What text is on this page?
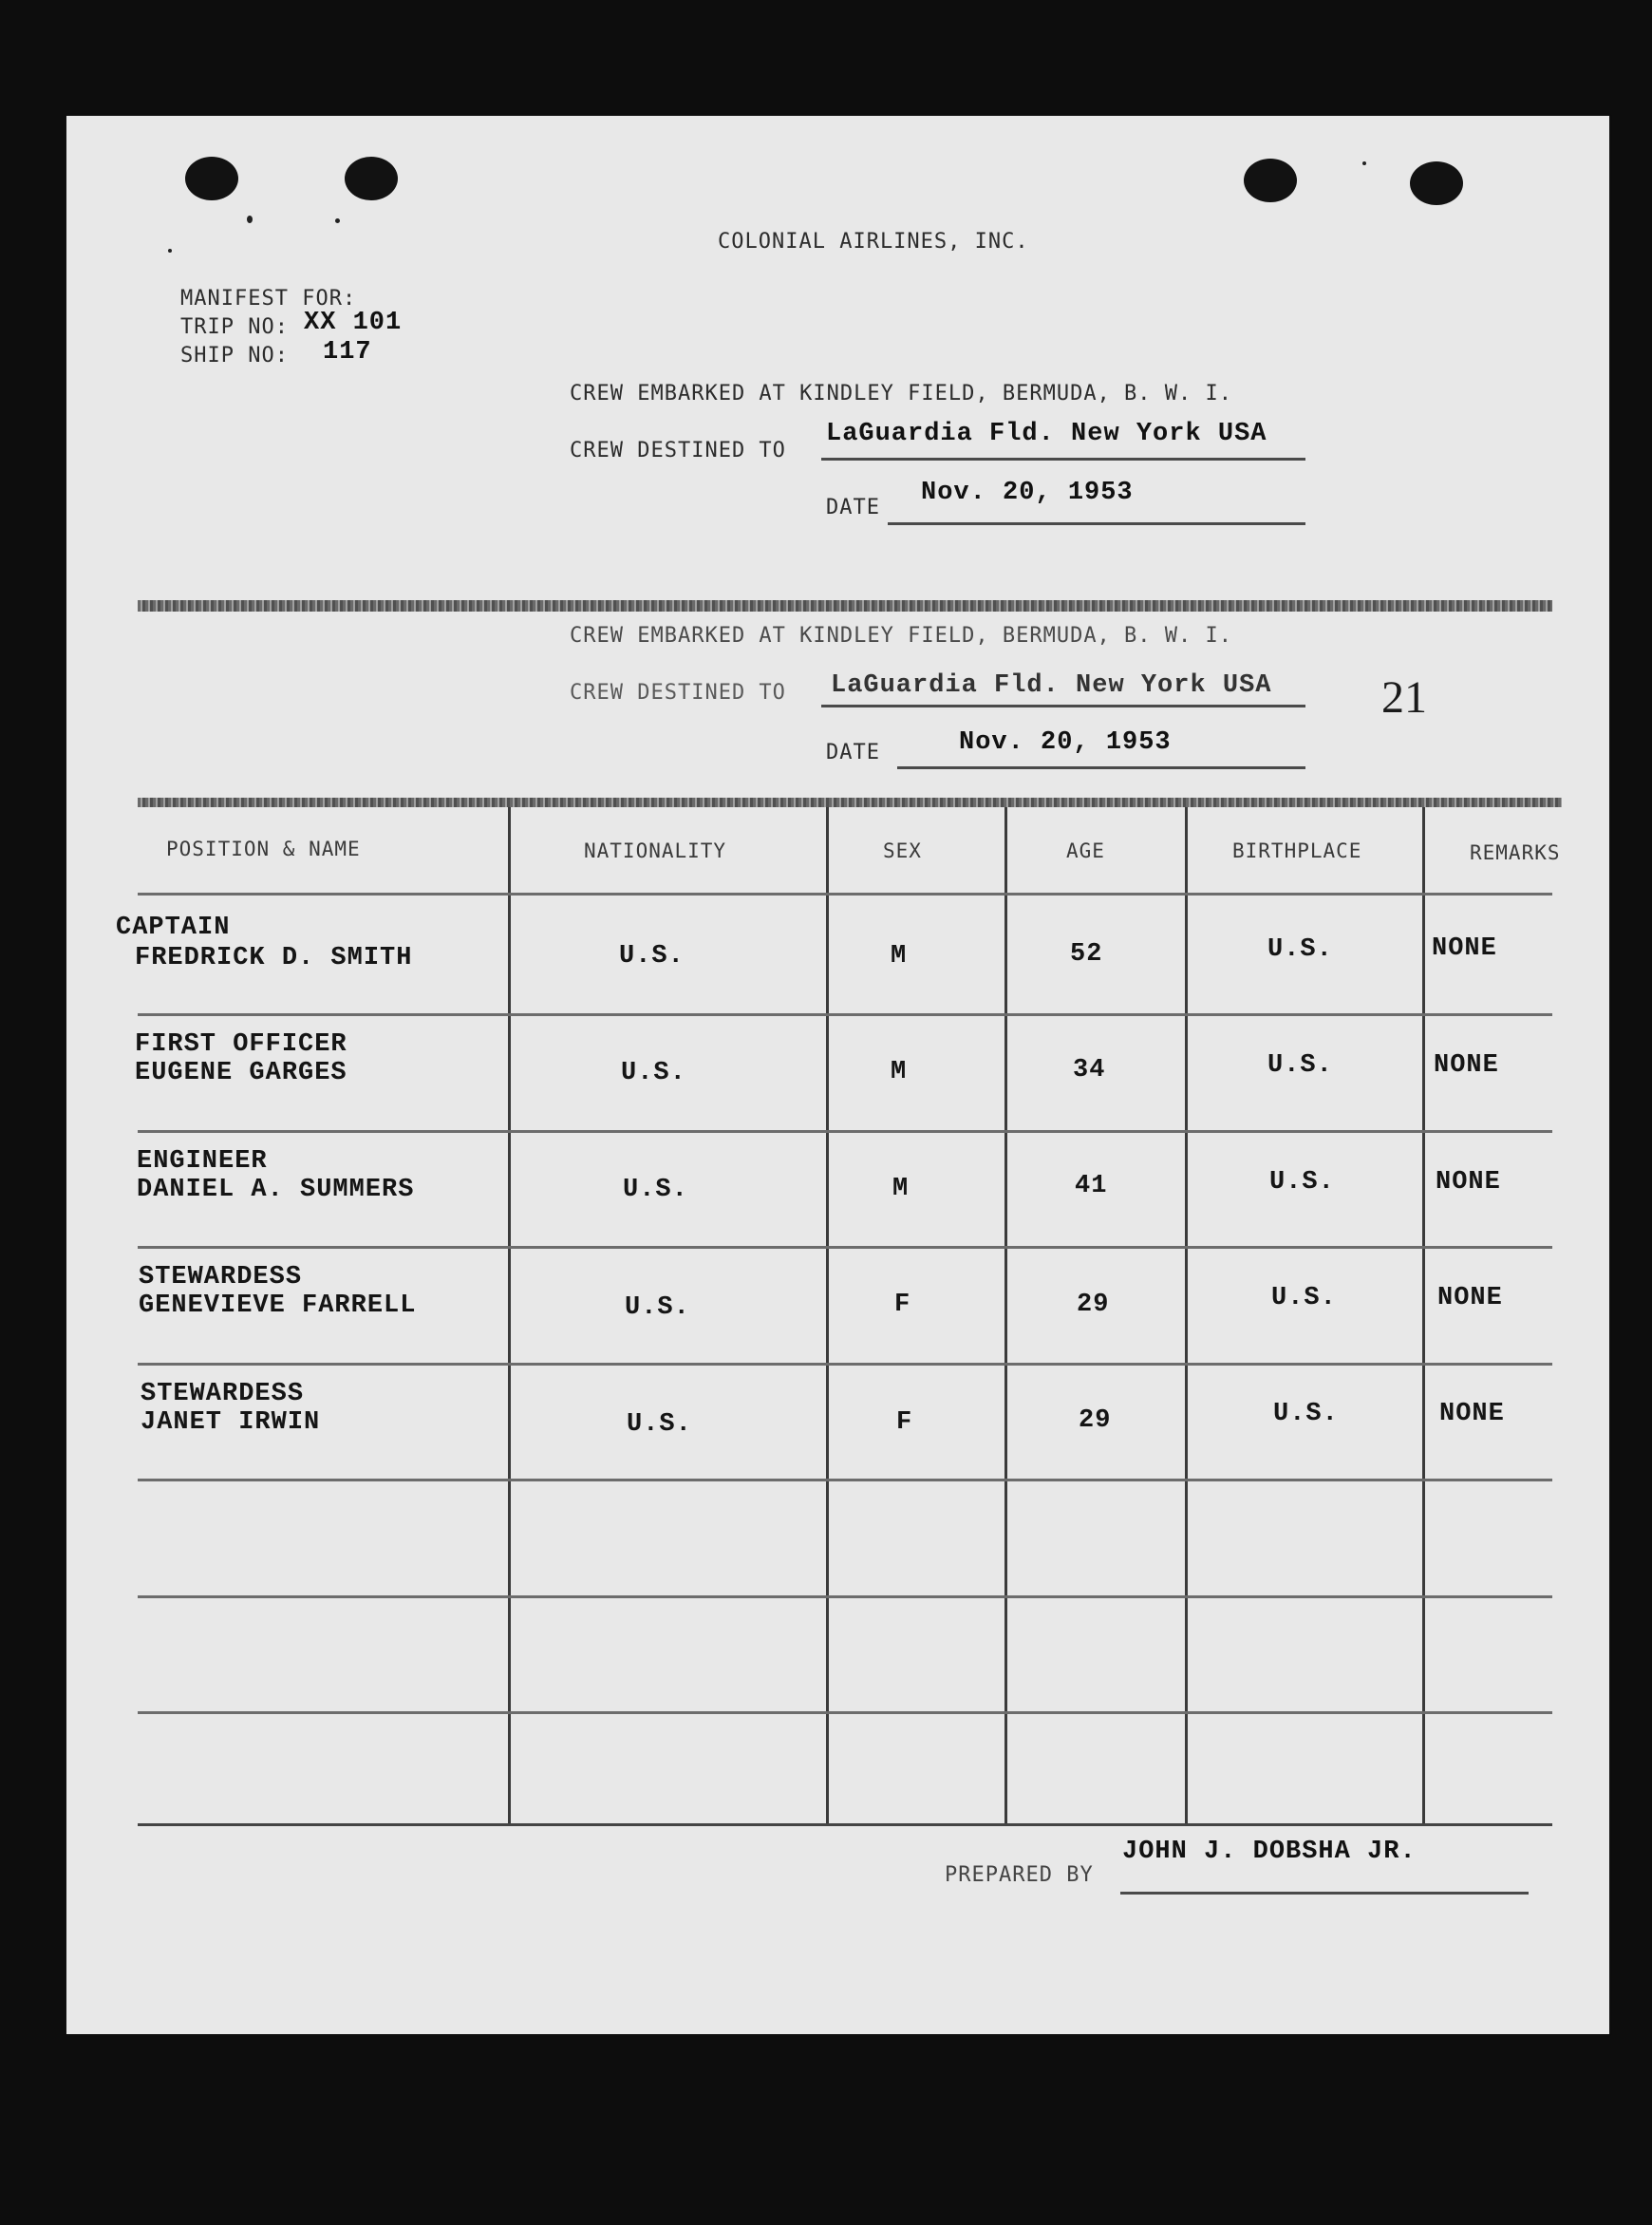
COLONIAL AIRLINES, INC.
MANIFEST FOR:
TRIP NO: XX 101
SHIP NO: 117
CREW EMBARKED AT KINDLEY FIELD, BERMUDA, B. W. I.
CREW DESTINED TO
LaGuardia Fld. New York USA
DATE
Nov. 20, 1953
CREW EMBARKED AT KINDLEY FIELD, BERMUDA, B. W. I.
CREW DESTINED TO LaGuardia Fld. New York USA 21
DATE	Nov. 20, 1953
POSITION & NAME	NATIONALITY	SEX	AGE	BIRTHPLACE	REMARKS
CAPTAIN
FREDRICK D. SMITH	U.S.	M	52	U.S.	NONE
FIRST OFFICER
EUGENE GARGES	U.S.	M	34	U.S.	NONE
ENGINEER
DANIEL A. SUMMERS	U.S.	M	41	U.S.	NONE
STEWARDESS
GENEVIEVE FARRELL	U.S.	F	29	U.S.	NONE
STEWARDESS
JANET IRWIN	U.S.	F	29	U.S.	NONE
PREPARED BY
JOHN J. DOBSHA JR.
